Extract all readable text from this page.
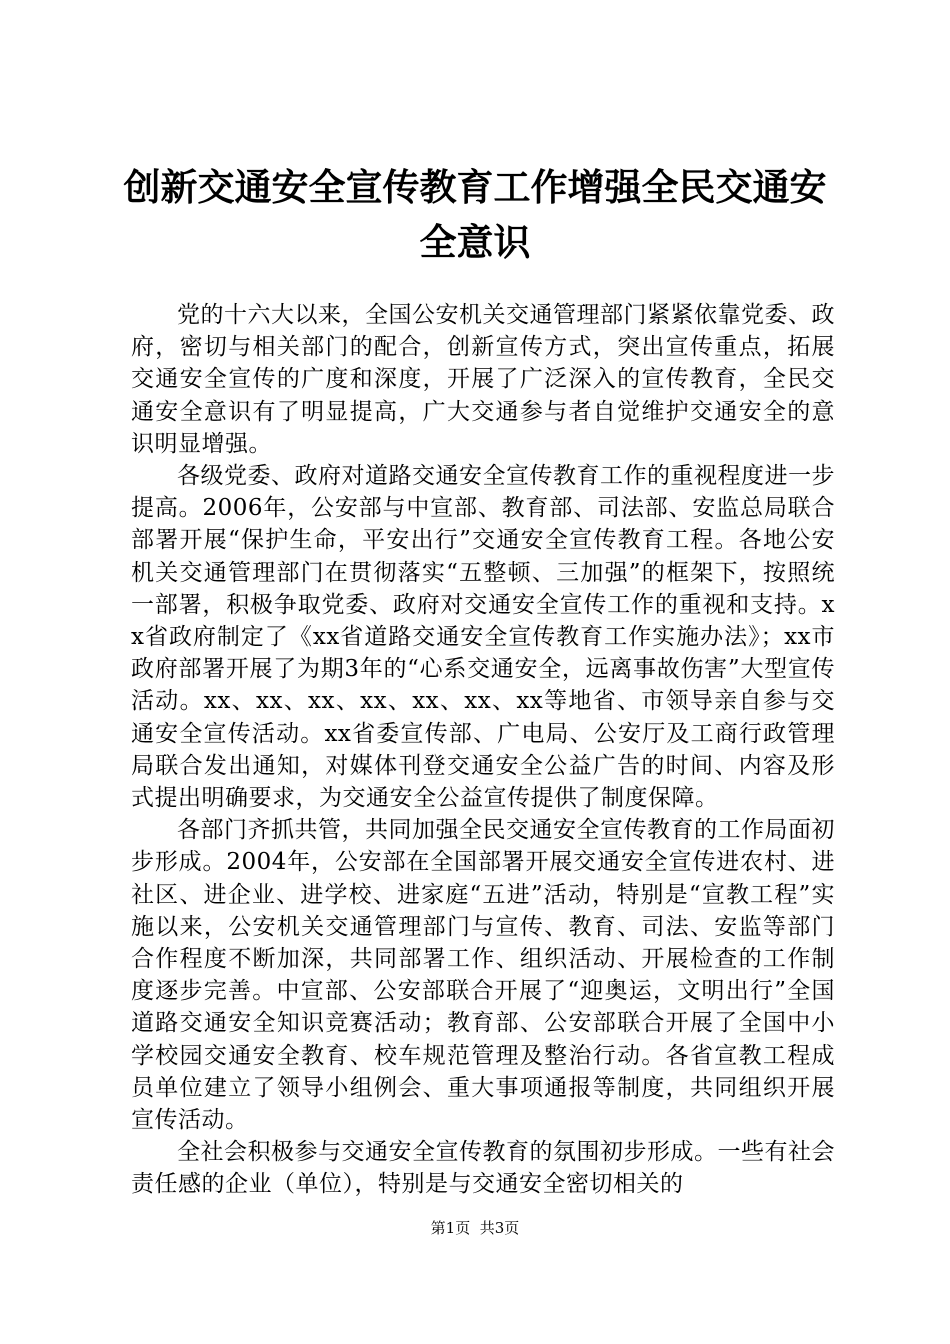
创新交通安全宣传教育工作增强全民交通安全意识

党的十六大以来，全国公安机关交通管理部门紧紧依靠党委、政府，密切与相关部门的配合，创新宣传方式，突出宣传重点，拓展交通安全宣传的广度和深度，开展了广泛深入的宣传教育，全民交通安全意识有了明显提高，广大交通参与者自觉维护交通安全的意识明显增强。

各级党委、政府对道路交通安全宣传教育工作的重视程度进一步提高。2006年，公安部与中宣部、教育部、司法部、安监总局联合部署开展“保护生命，平安出行”交通安全宣传教育工程。各地公安机关交通管理部门在贯彻落实“五整顿、三加强”的框架下，按照统一部署，积极争取党委、政府对交通安全宣传工作的重视和支持。xx省政府制定了《xx省道路交通安全宣传教育工作实施办法》；xx市政府部署开展了为期3年的“心系交通安全，远离事故伤害”大型宣传活动。xx、xx、xx、xx、xx、xx、xx等地省、市领导亲自参与交通安全宣传活动。xx省委宣传部、广电局、公安厅及工商行政管理局联合发出通知，对媒体刊登交通安全公益广告的时间、内容及形式提出明确要求，为交通安全公益宣传提供了制度保障。

各部门齐抓共管，共同加强全民交通安全宣传教育的工作局面初步形成。2004年，公安部在全国部署开展交通安全宣传进农村、进社区、进企业、进学校、进家庭“五进”活动，特别是“宣教工程”实施以来，公安机关交通管理部门与宣传、教育、司法、安监等部门合作程度不断加深，共同部署工作、组织活动、开展检查的工作制度逐步完善。中宣部、公安部联合开展了“迎奥运，文明出行”全国道路交通安全知识竞赛活动；教育部、公安部联合开展了全国中小学校园交通安全教育、校车规范管理及整治行动。各省宣教工程成员单位建立了领导小组例会、重大事项通报等制度，共同组织开展宣传活动。

全社会积极参与交通安全宣传教育的氛围初步形成。一些有社会责任感的企业（单位），特别是与交通安全密切相关的

第1页 共3页
